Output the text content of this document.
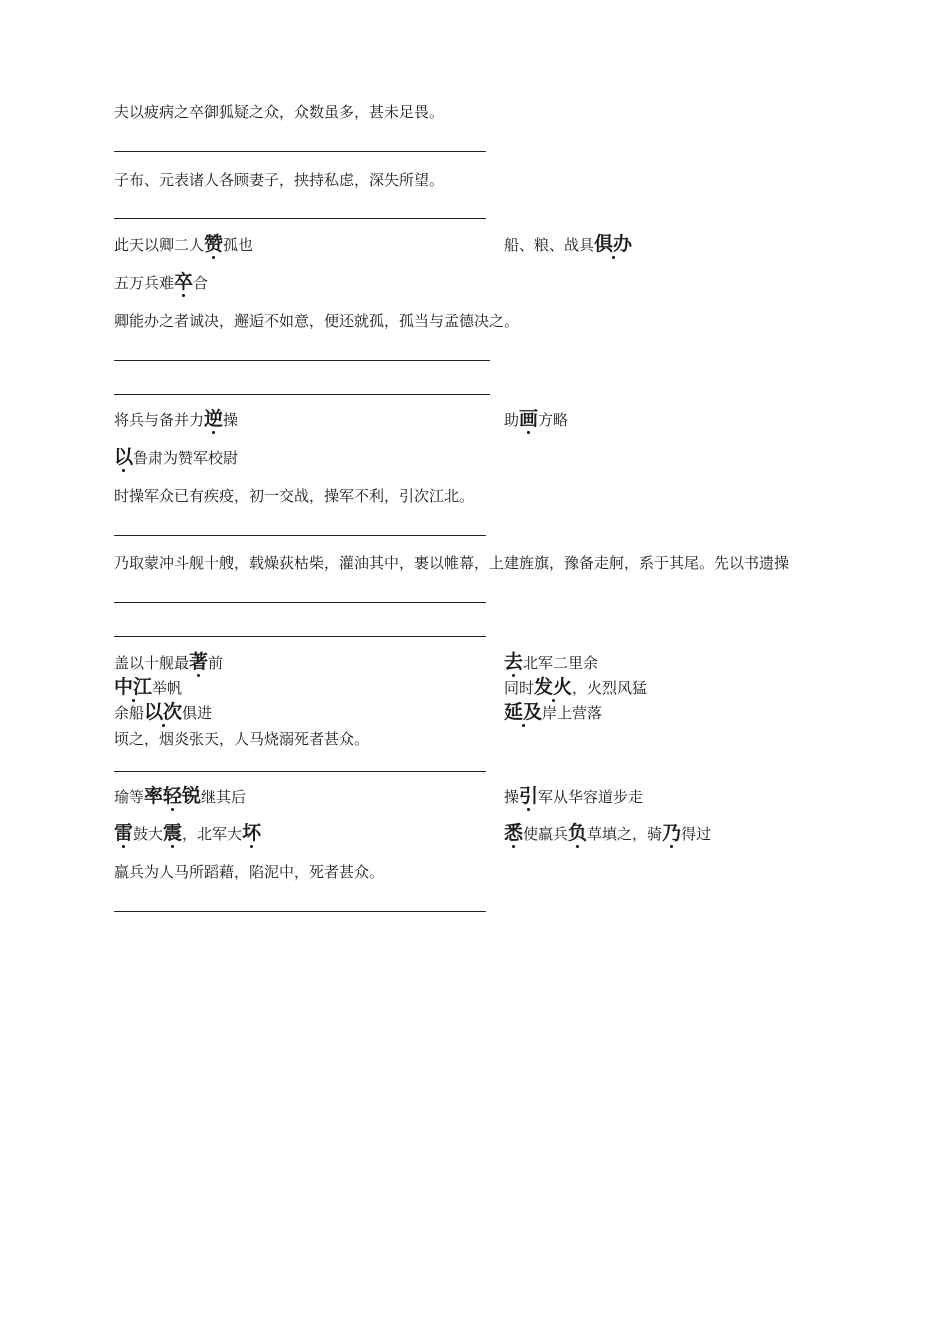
夫以疲病之卒御狐疑之众，众数虽多，甚未足畏。
子布、元表诸人各顾妻子，挟持私虑，深失所望。
此天以卿二人赞孤也	船、粮、战具俱办
五万兵难卒合
卿能办之者诚决，邂逅不如意，便还就孤，孤当与孟德决之。
将兵与备并力逆操	助画方略
以鲁肃为赞军校尉
时操军众已有疾疫，初一交战，操军不利，引次江北。
乃取蒙冲斗舰十艘，载燥荻枯柴，灌油其中，裹以帷幕，上建旌旗，豫备走舸，系于其尾。先以书遗操
盖以十舰最著前	去北军二里余
中江举帆	同时发火，火烈风猛
余船以次俱进	延及岸上营落
顷之，烟炎张天，人马烧溺死者甚众。
瑜等率轻锐继其后	操引军从华容道步走
雷鼓大震，北军大坏	悉使羸兵负草填之，骑乃得过
羸兵为人马所蹈藉，陷泥中，死者甚众。
